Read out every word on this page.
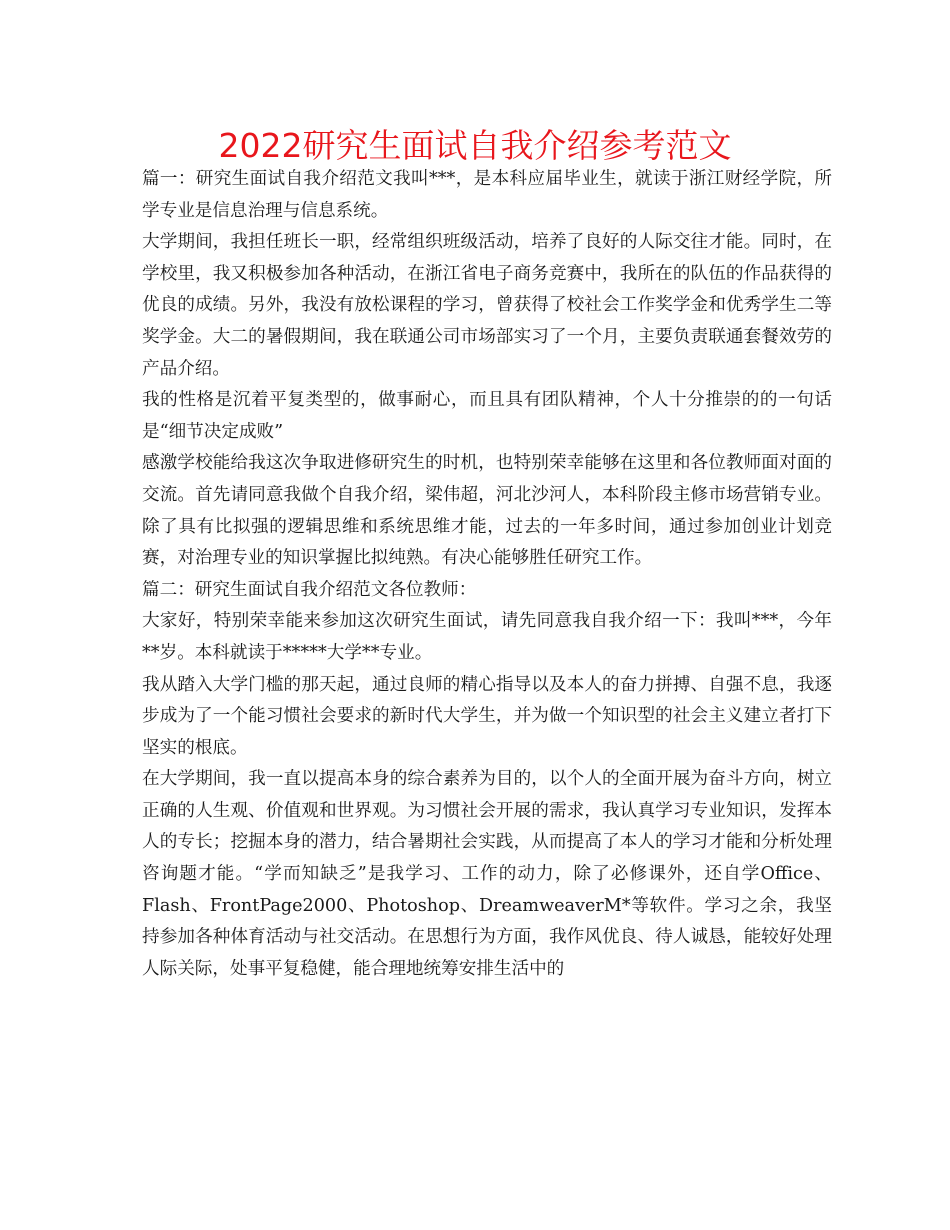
2022研究生面试自我介绍参考范文

篇一：研究生面试自我介绍范文我叫***，是本科应届毕业生，就读于浙江财经学院，所学专业是信息治理与信息系统。

大学期间，我担任班长一职，经常组织班级活动，培养了良好的人际交往才能。同时，在学校里，我又积极参加各种活动，在浙江省电子商务竞赛中，我所在的队伍的作品获得的优良的成绩。另外，我没有放松课程的学习，曾获得了校社会工作奖学金和优秀学生二等奖学金。大二的暑假期间，我在联通公司市场部实习了一个月，主要负责联通套餐效劳的产品介绍。

我的性格是沉着平复类型的，做事耐心，而且具有团队精神，个人十分推崇的的一句话是“细节决定成败”

感激学校能给我这次争取进修研究生的时机，也特别荣幸能够在这里和各位教师面对面的交流。首先请同意我做个自我介绍，梁伟超，河北沙河人，本科阶段主修市场营销专业。除了具有比拟强的逻辑思维和系统思维才能，过去的一年多时间，通过参加创业计划竞赛，对治理专业的知识掌握比拟纯熟。有决心能够胜任研究工作。

篇二：研究生面试自我介绍范文各位教师：

大家好，特别荣幸能来参加这次研究生面试，请先同意我自我介绍一下：我叫***，今年**岁。本科就读于*****大学**专业。

我从踏入大学门槛的那天起，通过良师的精心指导以及本人的奋力拼搏、自强不息，我逐步成为了一个能习惯社会要求的新时代大学生，并为做一个知识型的社会主义建立者打下坚实的根底。

在大学期间，我一直以提高本身的综合素养为目的，以个人的全面开展为奋斗方向，树立正确的人生观、价值观和世界观。为习惯社会开展的需求，我认真学习专业知识，发挥本人的专长；挖掘本身的潜力，结合暑期社会实践，从而提高了本人的学习才能和分析处理咨询题才能。“学而知缺乏”是我学习、工作的动力，除了必修课外，还自学Office、Flash、FrontPage2000、Photoshop、DreamweaverM*等软件。学习之余，我坚持参加各种体育活动与社交活动。在思想行为方面，我作风优良、待人诚恳，能较好处理人际关际，处事平复稳健，能合理地统筹安排生活中的
